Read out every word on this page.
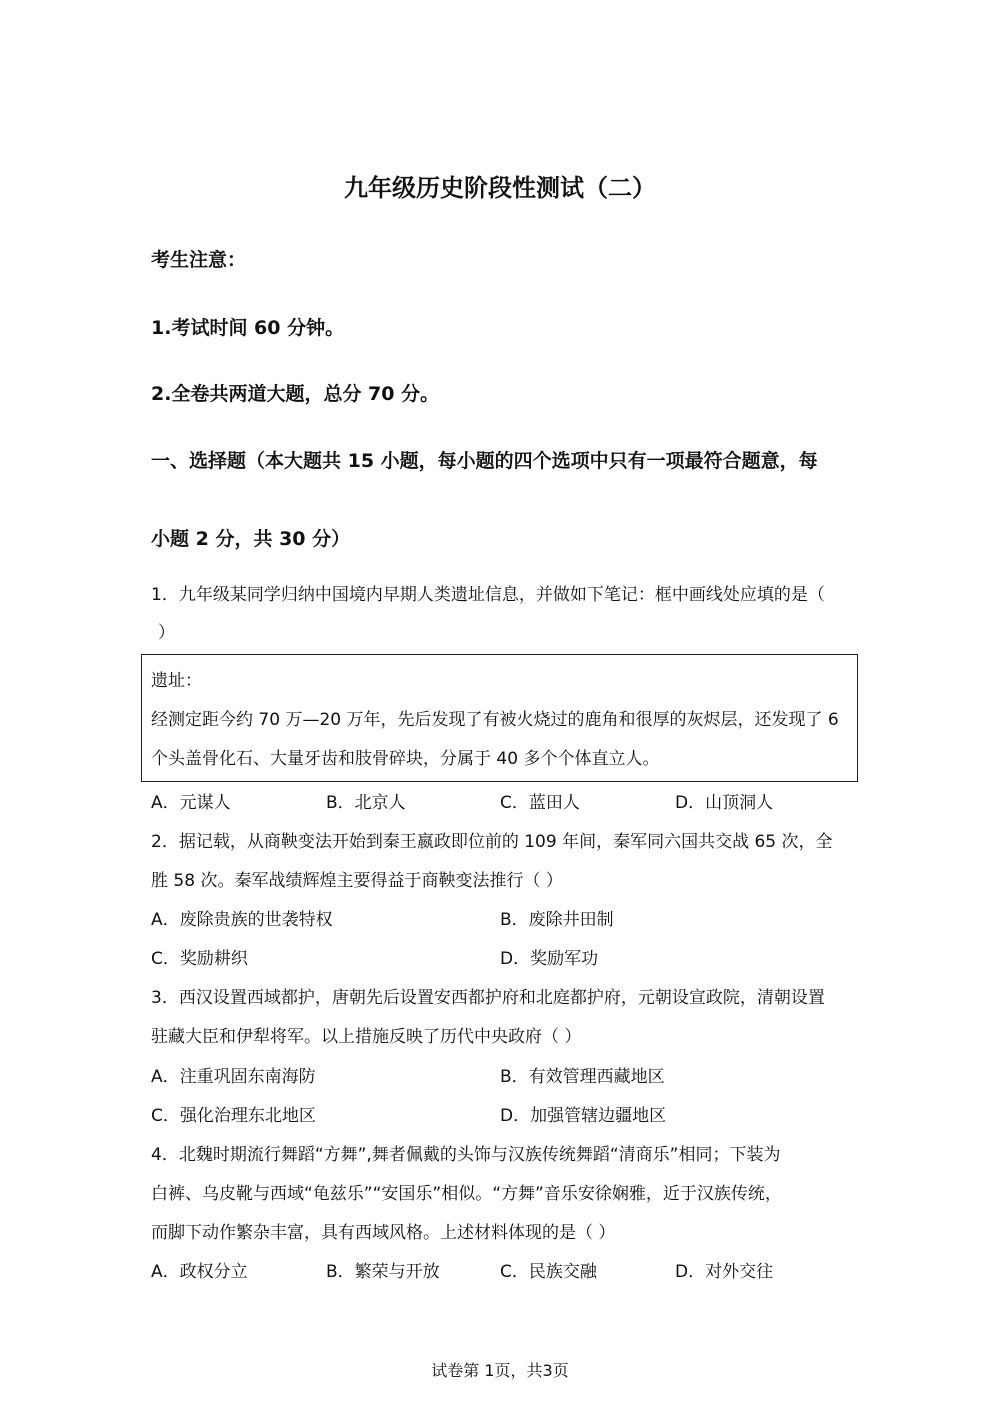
九年级历史阶段性测试（二）
考生注意：
1.考试时间 60 分钟。
2.全卷共两道大题，总分 70 分。
一、选择题（本大题共 15 小题，每小题的四个选项中只有一项最符合题意，每
小题 2 分，共 30 分）
1．九年级某同学归纳中国境内早期人类遗址信息，并做如下笔记：框中画线处应填的是（
）
遗址：
经测定距今约 70 万—20 万年，先后发现了有被火烧过的鹿角和很厚的灰烬层，还发现了 6
个头盖骨化石、大量牙齿和肢骨碎块，分属于 40 多个个体直立人。
A．元谋人	B．北京人	C．蓝田人	D．山顶洞人
2．据记载，从商鞅变法开始到秦王嬴政即位前的 109 年间，秦军同六国共交战 65 次，全
胜 58 次。秦军战绩辉煌主要得益于商鞅变法推行（ ）
A．废除贵族的世袭特权	B．废除井田制
C．奖励耕织	D．奖励军功
3．西汉设置西域都护，唐朝先后设置安西都护府和北庭都护府，元朝设宣政院，清朝设置
驻藏大臣和伊犁将军。以上措施反映了历代中央政府（ ）
A．注重巩固东南海防	B．有效管理西藏地区
C．强化治理东北地区	D．加强管辖边疆地区
4．北魏时期流行舞蹈“方舞”,舞者佩戴的头饰与汉族传统舞蹈“清商乐”相同；下装为
白裤、乌皮靴与西域“龟兹乐”“安国乐”相似。“方舞”音乐安徐娴雅，近于汉族传统，
而脚下动作繁杂丰富，具有西域风格。上述材料体现的是（ ）
A．政权分立	B．繁荣与开放	C．民族交融	D．对外交往
试卷第 1页，共3页
